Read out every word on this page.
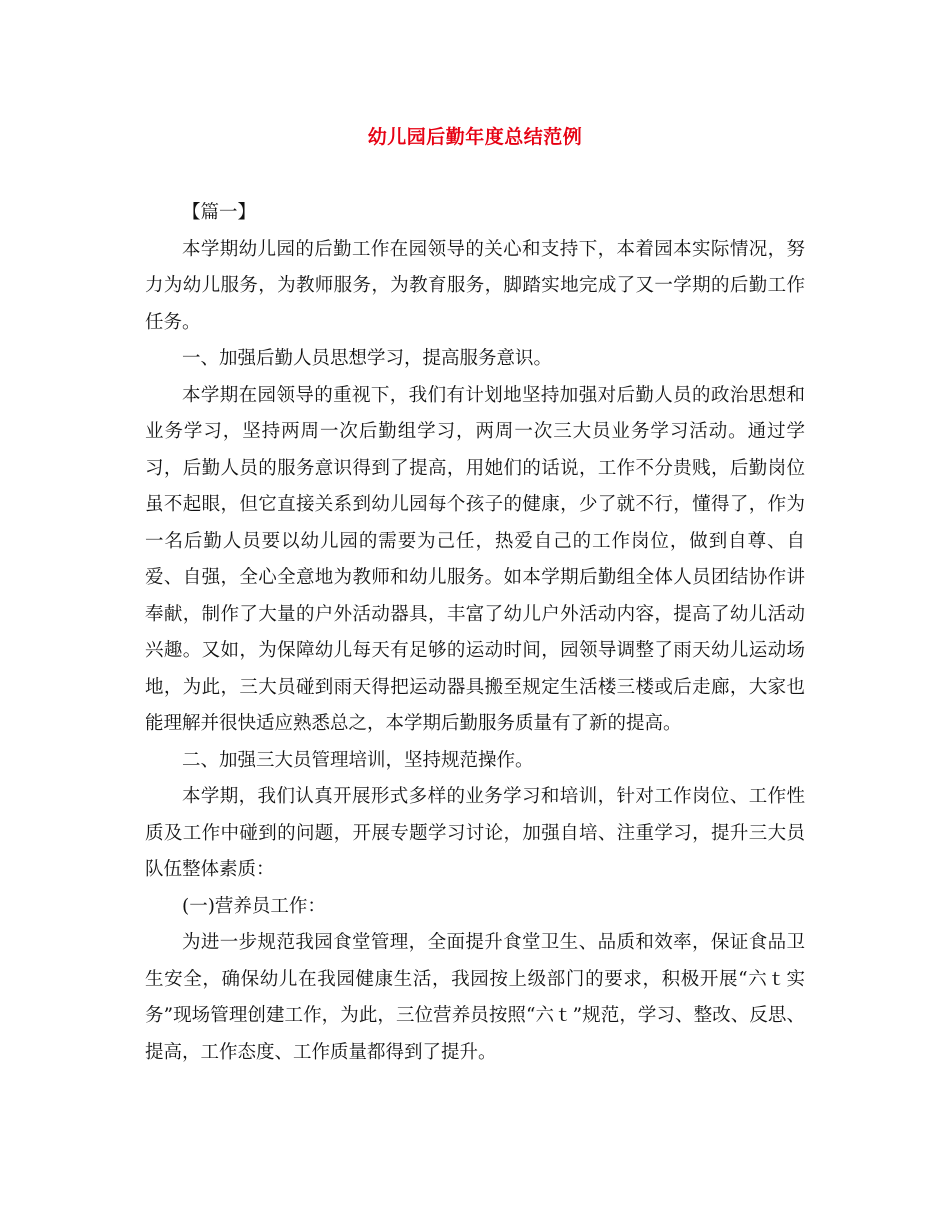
幼儿园后勤年度总结范例

【篇一】

本学期幼儿园的后勤工作在园领导的关心和支持下，本着园本实际情况，努力为幼儿服务，为教师服务，为教育服务，脚踏实地完成了又一学期的后勤工作任务。

一、加强后勤人员思想学习，提高服务意识。

本学期在园领导的重视下，我们有计划地坚持加强对后勤人员的政治思想和业务学习，坚持两周一次后勤组学习，两周一次三大员业务学习活动。通过学习，后勤人员的服务意识得到了提高，用她们的话说，工作不分贵贱，后勤岗位虽不起眼，但它直接关系到幼儿园每个孩子的健康，少了就不行，懂得了，作为一名后勤人员要以幼儿园的需要为己任，热爱自己的工作岗位，做到自尊、自爱、自强，全心全意地为教师和幼儿服务。如本学期后勤组全体人员团结协作讲奉献，制作了大量的户外活动器具，丰富了幼儿户外活动内容，提高了幼儿活动兴趣。又如，为保障幼儿每天有足够的运动时间，园领导调整了雨天幼儿运动场地，为此，三大员碰到雨天得把运动器具搬至规定生活楼三楼或后走廊，大家也能理解并很快适应熟悉总之，本学期后勤服务质量有了新的提高。

二、加强三大员管理培训，坚持规范操作。

本学期，我们认真开展形式多样的业务学习和培训，针对工作岗位、工作性质及工作中碰到的问题，开展专题学习讨论，加强自培、注重学习，提升三大员队伍整体素质：

(一)营养员工作：

为进一步规范我园食堂管理，全面提升食堂卫生、品质和效率，保证食品卫生安全，确保幼儿在我园健康生活，我园按上级部门的要求，积极开展“六ｔ实务”现场管理创建工作，为此，三位营养员按照“六ｔ”规范，学习、整改、反思、提高，工作态度、工作质量都得到了提升。
